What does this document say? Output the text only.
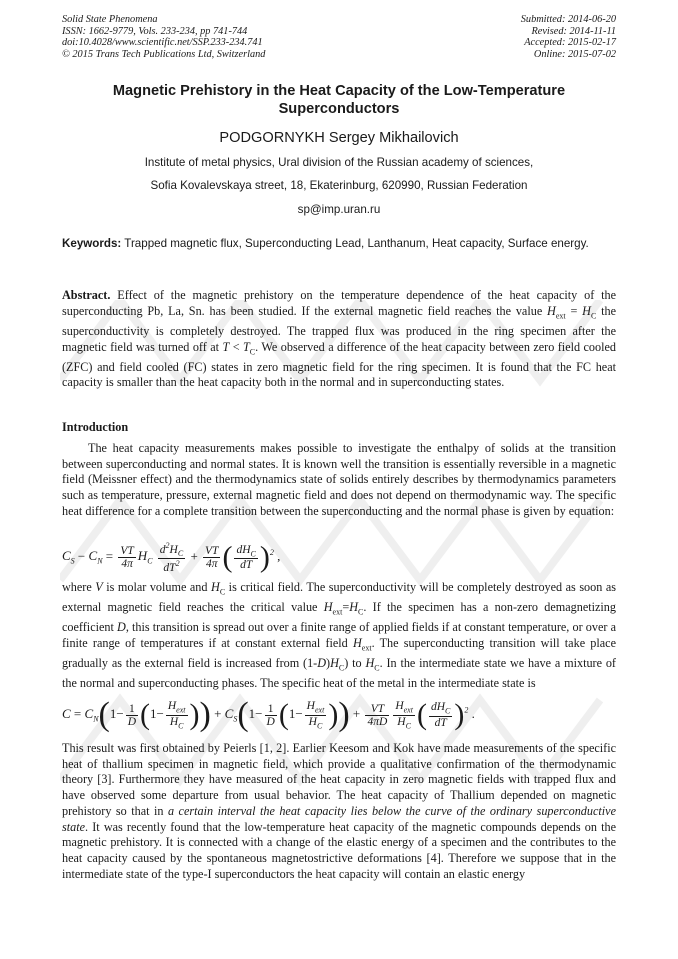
Solid State Phenomena
ISSN: 1662-9779, Vols. 233-234, pp 741-744
doi:10.4028/www.scientific.net/SSP.233-234.741
© 2015 Trans Tech Publications Ltd, Switzerland
Submitted: 2014-06-20
Revised: 2014-11-11
Accepted: 2015-02-17
Online: 2015-07-02
Magnetic Prehistory in the Heat Capacity of the Low-Temperature Superconductors
PODGORNYKH Sergey Mikhailovich
Institute of metal physics, Ural division of the Russian academy of sciences,
Sofia Kovalevskaya street, 18, Ekaterinburg, 620990, Russian Federation
sp@imp.uran.ru
Keywords: Trapped magnetic flux, Superconducting Lead, Lanthanum, Heat capacity, Surface energy.

Abstract. Effect of the magnetic prehistory on the temperature dependence of the heat capacity of the superconducting Pb, La, Sn. has been studied. If the external magnetic field reaches the value $H_{ext} = H_C$ the superconductivity is completely destroyed. The trapped flux was produced in the ring specimen after the magnetic field was turned off at $T < T_C$. We observed a difference of the heat capacity between zero field cooled (ZFC) and field cooled (FC) states in zero magnetic field for the ring specimen. It is found that the FC heat capacity is smaller than the heat capacity both in the normal and in superconducting states.

Introduction

The heat capacity measurements makes possible to investigate the enthalpy of solids at the transition between superconducting and normal states. It is known well the transition is essentially reversible in a magnetic field (Meissner effect) and the thermodynamics state of solids entirely describes by thermodynamics parameters such as temperature, pressure, external magnetic field and does not depend on thermodynamic way. The specific heat difference for a complete transition between the superconducting and the normal phase is given by equation:

$C_S - C_N = \frac{VT}{4\pi} H_C \frac{d^2H_C}{dT^2} + \frac{VT}{4\pi}$ ( $\frac{dH_C}{dT} )^2$ ,

where V is molar volume and $H_C$ is critical field. The superconductivity will be completely destroyed as soon as external magnetic field reaches the critical value $H_{ext}=H_C$. If the specimen has a non-zero demagnetizing coefficient D, this transition is spread out over a finite range of applied fields if at constant temperature, or over a finite range of temperatures if at constant external field $H_{ext}$. The superconducting transition will take place gradually as the external field is increased from $(1-D)H_C$) to $H_C$. In the intermediate state we have a mixture of the normal and superconducting phases. The specific heat of the metal in the intermediate state is

$C = C_N(1- \frac{1}{D} (1- \frac{H_{ext}}{H_C}$ )) + $C_S(1- \frac{1}{D} (1- \frac{H_{ext}}{H_C}$ )) + $\frac{VT}{4\pi D} \frac{H_{ext}}{H_C}$ ( $\frac{dH_C}{dT} )^2$ .

This result was first obtained by Peierls [1, 2]. Earlier Keesom and Kok have made measurements of the specific heat of thallium specimen in magnetic field, which provide a qualitative confirmation of the thermodynamic theory [3]. Furthermore they have measured of the heat capacity in zero magnetic fields with trapped flux and have observed some departure from usual behavior. The heat capacity of Thallium depended on magnetic prehistory so that in a certain interval the heat capacity lies below the curve of the ordinary superconductive state. It was recently found that the low-temperature heat capacity of the magnetic compounds depends on the magnetic prehistory. It is connected with a change of the elastic energy of a specimen and the contributes to the heat capacity caused by the spontaneous magnetostrictive deformations [4]. Therefore we suppose that in the intermediate state of the type-I superconductors the heat capacity will contain an elastic energy
